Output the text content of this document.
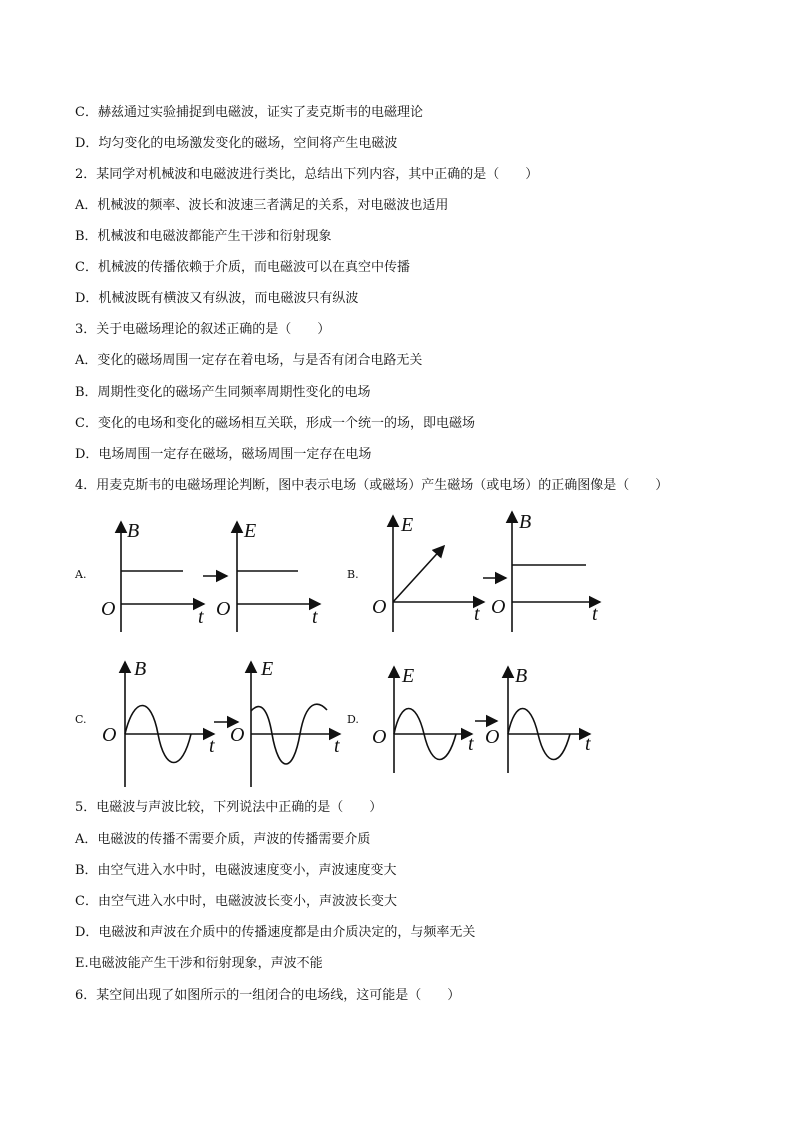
C．赫兹通过实验捕捉到电磁波，证实了麦克斯韦的电磁理论
D．均匀变化的电场激发变化的磁场，空间将产生电磁波
2．某同学对机械波和电磁波进行类比，总结出下列内容，其中正确的是（　　）
A．机械波的频率、波长和波速三者满足的关系，对电磁波也适用
B．机械波和电磁波都能产生干涉和衍射现象
C．机械波的传播依赖于介质，而电磁波可以在真空中传播
D．机械波既有横波又有纵波，而电磁波只有纵波
3．关于电磁场理论的叙述正确的是（　　）
A．变化的磁场周围一定存在着电场，与是否有闭合电路无关
B．周期性变化的磁场产生同频率周期性变化的电场
C．变化的电场和变化的磁场相互关联，形成一个统一的场，即电磁场
D．电场周围一定存在磁场，磁场周围一定存在电场
4．用麦克斯韦的电磁场理论判断，图中表示电场（或磁场）产生磁场（或电场）的正确图像是（　　）
A.	B.
C.	D.
B
O	t
E
O	t
E
O	t
B
O	t
B
O	t
E
O	t
E
O	t
B
O	t
5．电磁波与声波比较，下列说法中正确的是（　　）
A．电磁波的传播不需要介质，声波的传播需要介质
B．由空气进入水中时，电磁波速度变小，声波速度变大
C．由空气进入水中时，电磁波波长变小，声波波长变大
D．电磁波和声波在介质中的传播速度都是由介质决定的，与频率无关
E.电磁波能产生干涉和衍射现象，声波不能
6．某空间出现了如图所示的一组闭合的电场线，这可能是（　　）
